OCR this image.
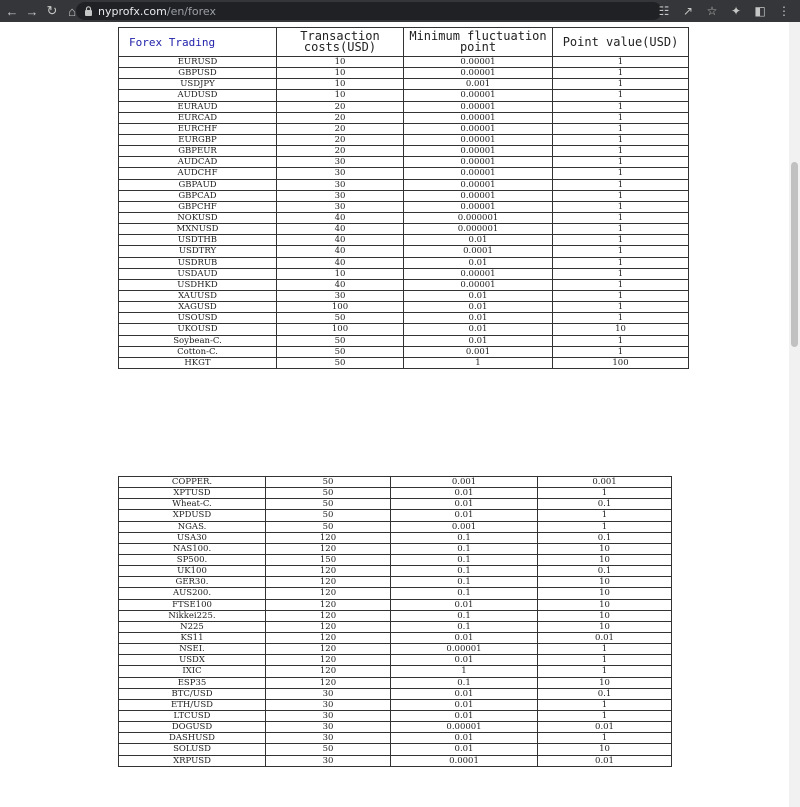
← → ↻ ⌂	nyprofx.com/en/forex	☷ ↗ ☆ ✦ ◧ ⋮
Forex Trading	Transaction costs(USD)	Minimum fluctuation point	Point value(USD)
EURUSD	10	0.00001	1
GBPUSD	10	0.00001	1
USDJPY	10	0.001	1
AUDUSD	10	0.00001	1
EURAUD	20	0.00001	1
EURCAD	20	0.00001	1
EURCHF	20	0.00001	1
EURGBP	20	0.00001	1
GBPEUR	20	0.00001	1
AUDCAD	30	0.00001	1
AUDCHF	30	0.00001	1
GBPAUD	30	0.00001	1
GBPCAD	30	0.00001	1
GBPCHF	30	0.00001	1
NOKUSD	40	0.000001	1
MXNUSD	40	0.000001	1
USDTHB	40	0.01	1
USDTRY	40	0.0001	1
USDRUB	40	0.01	1
USDAUD	10	0.00001	1
USDHKD	40	0.00001	1
XAUUSD	30	0.01	1
XAGUSD	100	0.01	1
USOUSD	50	0.01	1
UKOUSD	100	0.01	10
Soybean-C.	50	0.01	1
Cotton-C.	50	0.001	1
HKGT	50	1	100
COPPER.	50	0.001	0.001
XPTUSD	50	0.01	1
Wheat-C.	50	0.01	0.1
XPDUSD	50	0.01	1
NGAS.	50	0.001	1
USA30	120	0.1	0.1
NAS100.	120	0.1	10
SP500.	150	0.1	10
UK100	120	0.1	0.1
GER30.	120	0.1	10
AUS200.	120	0.1	10
FTSE100	120	0.01	10
Nikkei225.	120	0.1	10
N225	120	0.1	10
KS11	120	0.01	0.01
NSEI.	120	0.00001	1
USDX	120	0.01	1
IXIC	120	1	1
ESP35	120	0.1	10
BTC/USD	30	0.01	0.1
ETH/USD	30	0.01	1
LTCUSD	30	0.01	1
DOGUSD	30	0.00001	0.01
DASHUSD	30	0.01	1
SOLUSD	50	0.01	10
XRPUSD	30	0.0001	0.01
